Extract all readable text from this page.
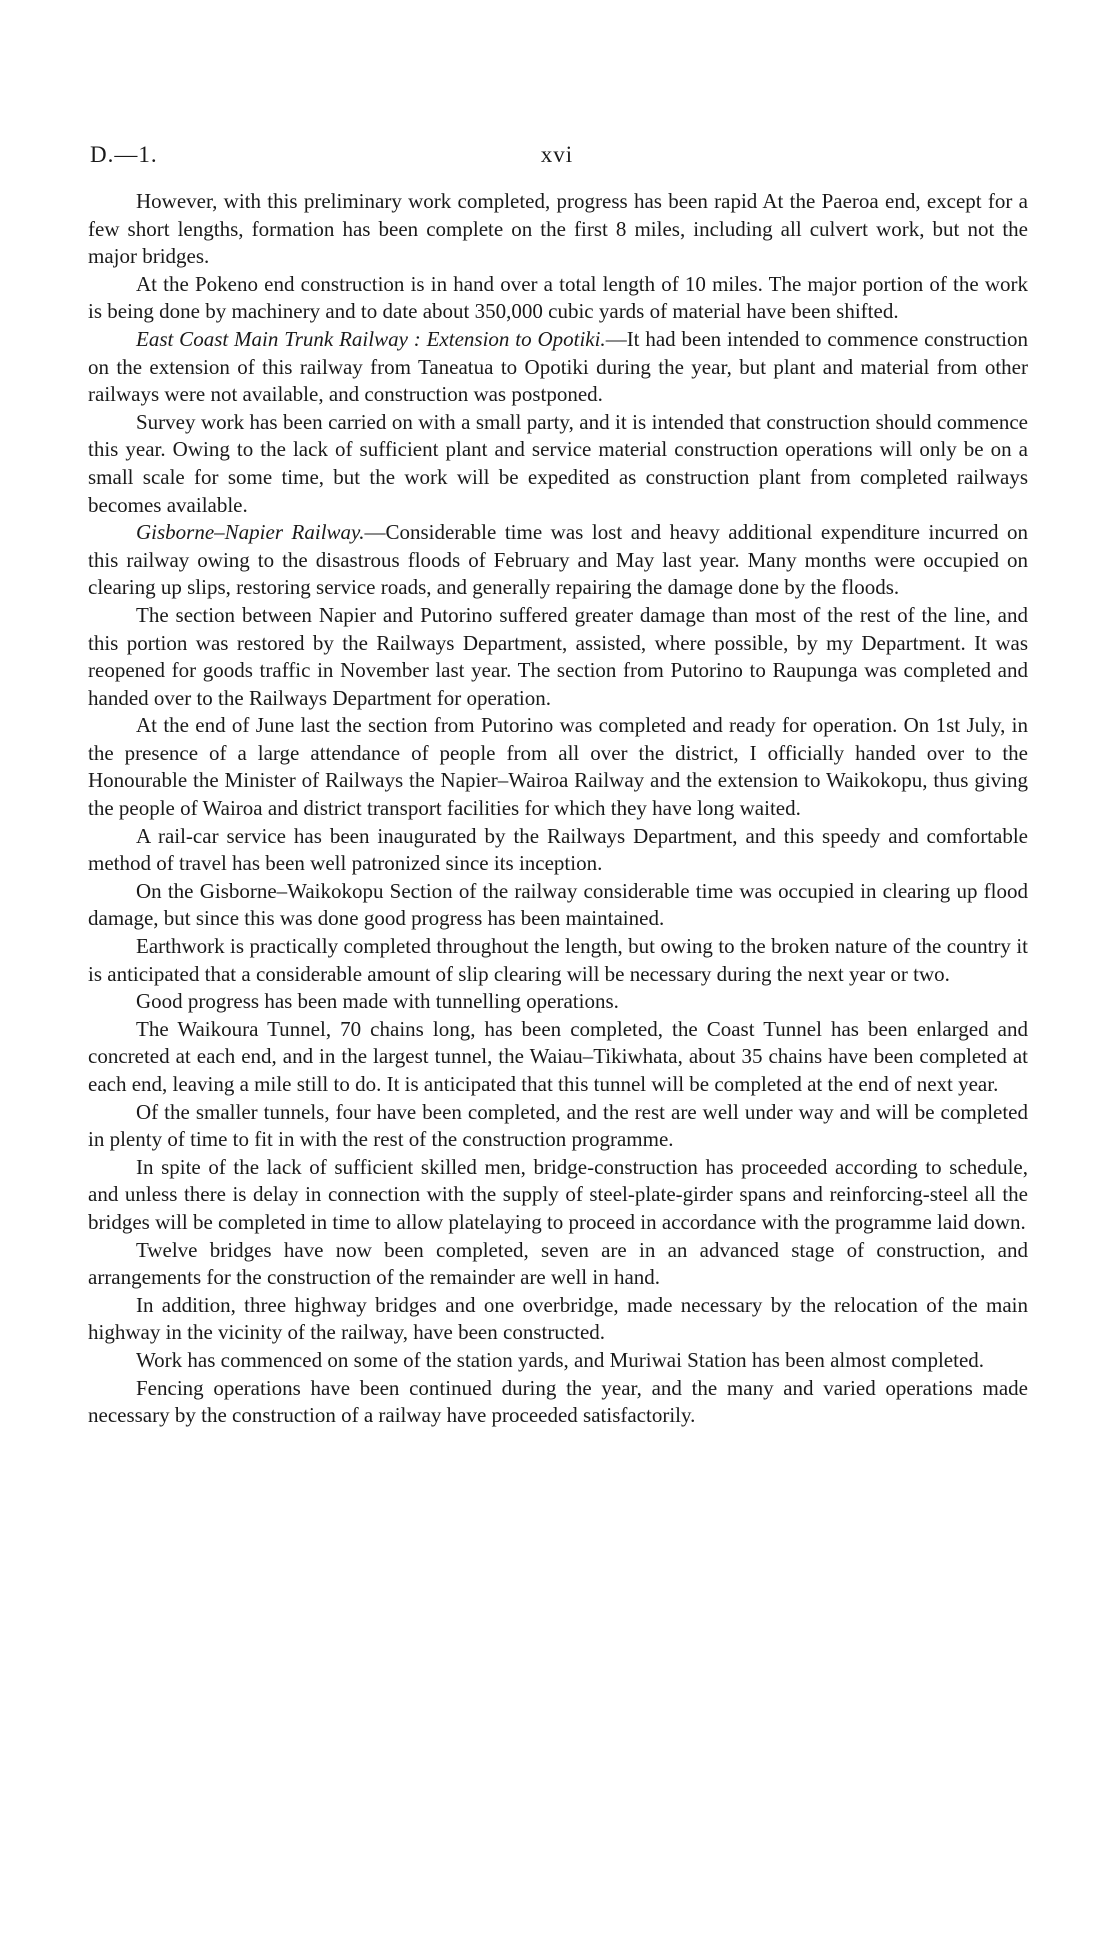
D.—1.	xvi

However, with this preliminary work completed, progress has been rapid At the Paeroa end, except for a few short lengths, formation has been complete on the first 8 miles, including all culvert work, but not the major bridges.

At the Pokeno end construction is in hand over a total length of 10 miles. The major portion of the work is being done by machinery and to date about 350,000 cubic yards of material have been shifted.

East Coast Main Trunk Railway : Extension to Opotiki.—It had been intended to commence construction on the extension of this railway from Taneatua to Opotiki during the year, but plant and material from other railways were not available, and construction was postponed.

Survey work has been carried on with a small party, and it is intended that construction should commence this year. Owing to the lack of sufficient plant and service material construction operations will only be on a small scale for some time, but the work will be expedited as construction plant from completed railways becomes available.

Gisborne–Napier Railway.—Considerable time was lost and heavy additional expenditure incurred on this railway owing to the disastrous floods of February and May last year. Many months were occupied on clearing up slips, restoring service roads, and generally repairing the damage done by the floods.

The section between Napier and Putorino suffered greater damage than most of the rest of the line, and this portion was restored by the Railways Department, assisted, where possible, by my Department. It was reopened for goods traffic in November last year. The section from Putorino to Raupunga was completed and handed over to the Railways Department for operation.

At the end of June last the section from Putorino was completed and ready for operation. On 1st July, in the presence of a large attendance of people from all over the district, I officially handed over to the Honourable the Minister of Railways the Napier–Wairoa Railway and the extension to Waikokopu, thus giving the people of Wairoa and district transport facilities for which they have long waited.

A rail-car service has been inaugurated by the Railways Department, and this speedy and comfortable method of travel has been well patronized since its inception.

On the Gisborne–Waikokopu Section of the railway considerable time was occupied in clearing up flood damage, but since this was done good progress has been maintained.

Earthwork is practically completed throughout the length, but owing to the broken nature of the country it is anticipated that a considerable amount of slip clearing will be necessary during the next year or two.

Good progress has been made with tunnelling operations.

The Waikoura Tunnel, 70 chains long, has been completed, the Coast Tunnel has been enlarged and concreted at each end, and in the largest tunnel, the Waiau–Tikiwhata, about 35 chains have been completed at each end, leaving a mile still to do. It is anticipated that this tunnel will be completed at the end of next year.

Of the smaller tunnels, four have been completed, and the rest are well under way and will be completed in plenty of time to fit in with the rest of the construction programme.

In spite of the lack of sufficient skilled men, bridge-construction has proceeded according to schedule, and unless there is delay in connection with the supply of steel-plate-girder spans and reinforcing-steel all the bridges will be completed in time to allow platelaying to proceed in accordance with the programme laid down.

Twelve bridges have now been completed, seven are in an advanced stage of construction, and arrangements for the construction of the remainder are well in hand.

In addition, three highway bridges and one overbridge, made necessary by the relocation of the main highway in the vicinity of the railway, have been constructed.

Work has commenced on some of the station yards, and Muriwai Station has been almost completed.

Fencing operations have been continued during the year, and the many and varied operations made necessary by the construction of a railway have proceeded satisfactorily.
